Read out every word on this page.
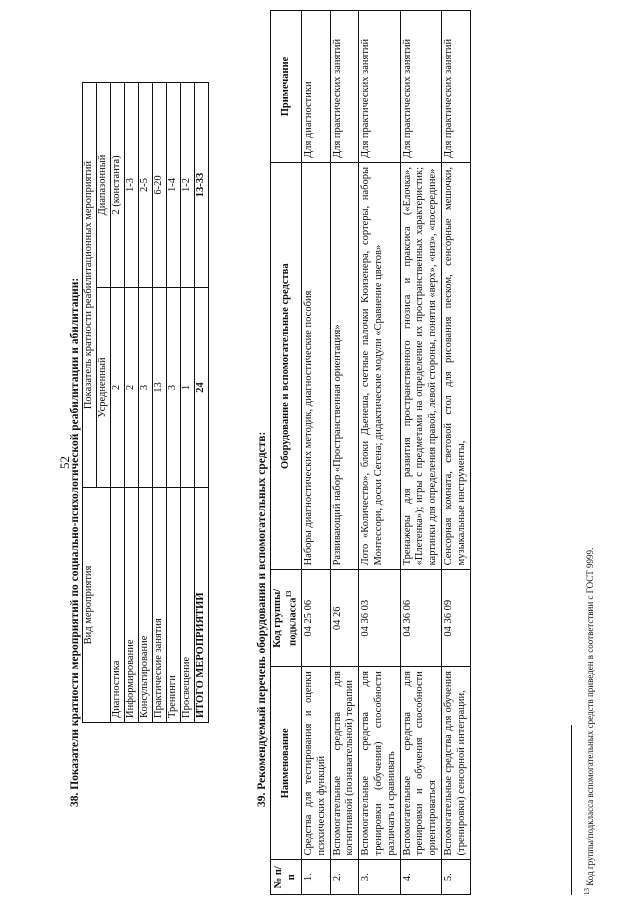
52
38. Показатели кратности мероприятий по социально-психологической реабилитации и абилитации: Вид мероприятия	Показатель кратности реабилитационных мероприятий	
	Усредненный	Диапазонный
Диагностика	2	2 (константа)
Информирование	2	1-3
Консультирование	3	2-5
Практические занятия	13	6-20
Тренинги	3	1-4
Просвещение	1	1-2
ИТОГО МЕРОПРИЯТИЙ	24	13-33
39. Рекомендуемый перечень оборудования и вспомогательных средств:
№ п/п	Наименование	Код группы/ подкласса$^{13}$	Оборудование и вспомогательные средства	Примечание
1.	Средства для тестирования и оценки психических функций	04 25 06	Наборы диагностических методик, диагностические пособия	Для диагностики
2.	Вспомогательные средства для когнитивной (познавательной) терапии	04 26	Развивающий набор «Пространственная ориентация»	Для практических занятий
3.	Вспомогательные средства для тренировки (обучения) способности различать и сравнивать	04 36 03	Лото «Количество», блоки Дьенеша, счетные палочки Кюизенера, сортеры, наборы Монтессори, доски Сегена; дидактические модули «Сравнение цветов»	Для практических занятий
4.	Вспомогательные средства для тренировки и обучения способности ориентироваться	04 36 06	Тренажеры для развития пространственного гнозиса и праксиса («Елочка», «Плетенка»); игры с предметами на определение их пространственных характеристик; картинки для определения правой, левой стороны, понятия «верх», «низ», «посередине»	Для практических занятий
5.	Вспомогательные средства для обучения (тренировки) сенсорной интеграции,	04 36 09	Сенсорная комната, световой стол для рисования песком, сенсорные мешочки, музыкальные инструменты,	Для практических занятий
$^{13}$ Код группы/подкласса вспомогательных средств приведен в соответствии с ГОСТ 9999.
